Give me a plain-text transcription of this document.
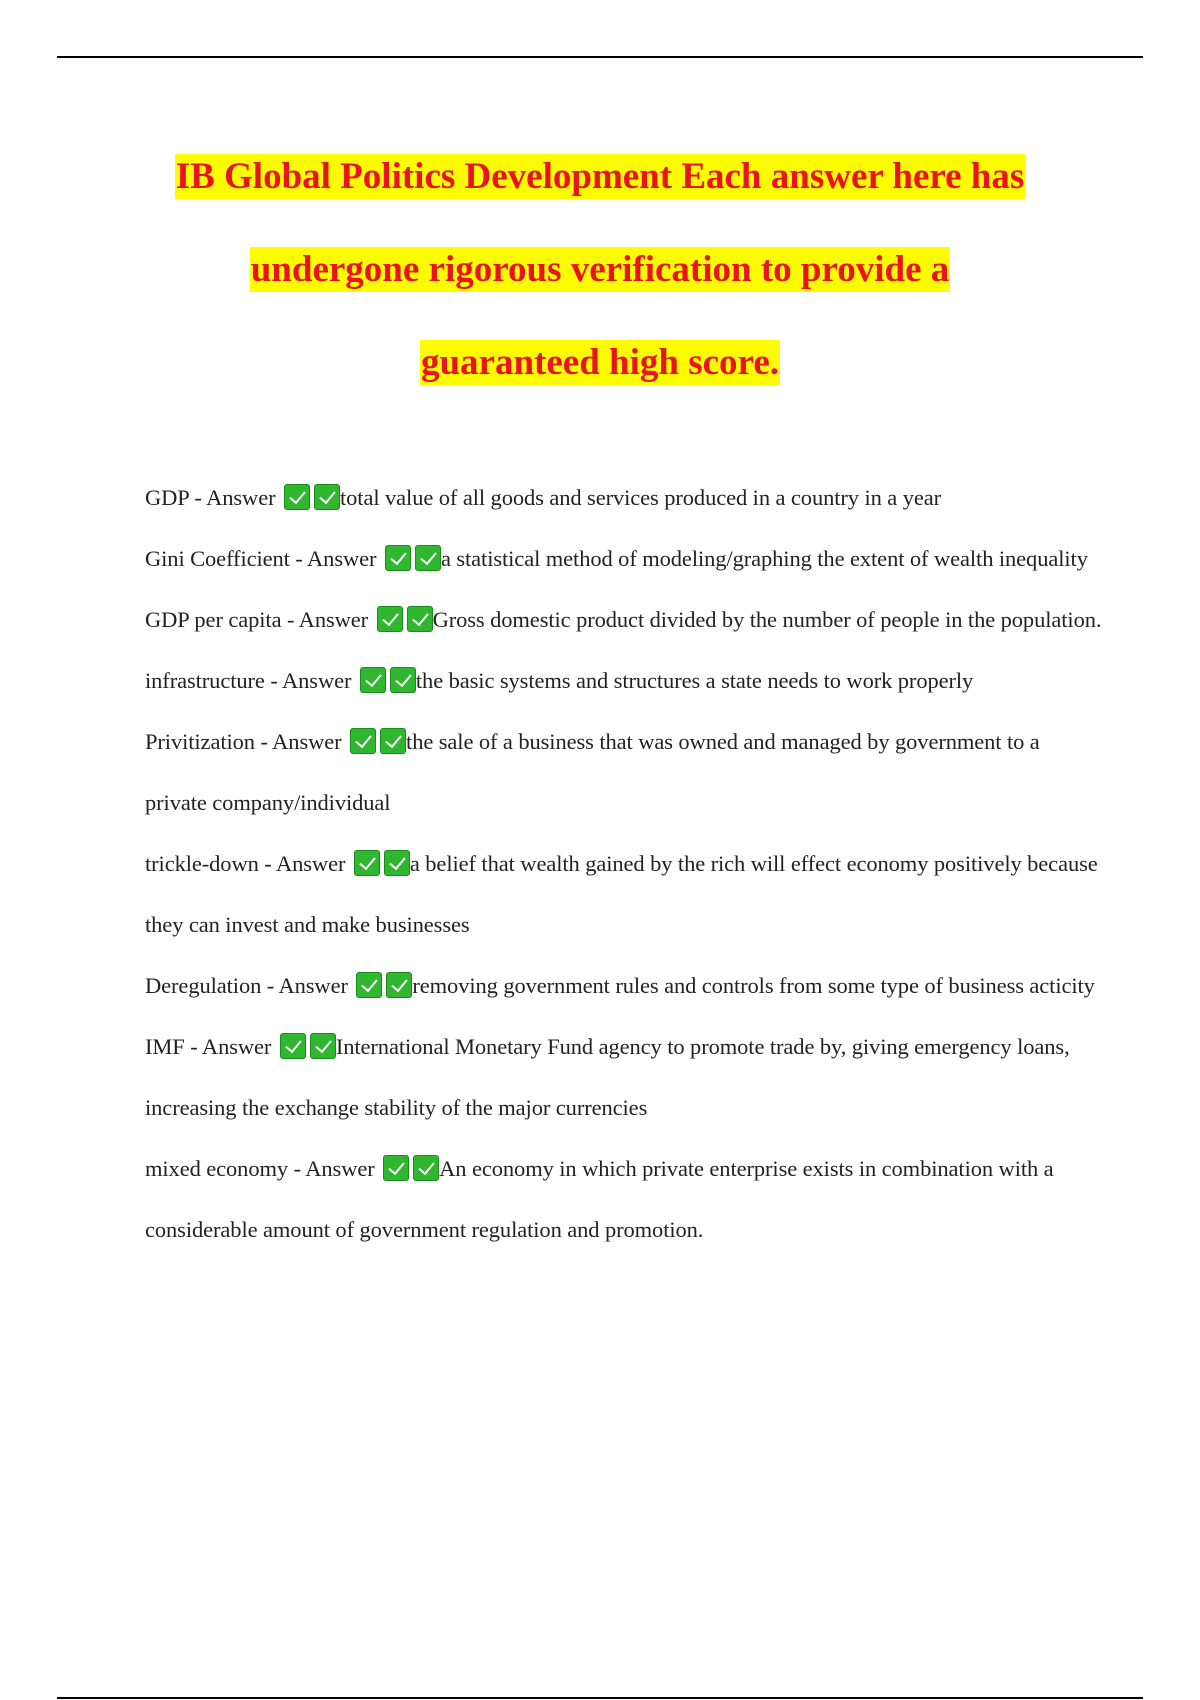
IB Global Politics Development Each answer here has
undergone rigorous verification to provide a
guaranteed high score.

GDP - Answer	total value of all goods and services produced in a country in a year

Gini Coefficient - Answer	a statistical method of modeling/graphing the extent of wealth inequality

GDP per capita - Answer	Gross domestic product divided by the number of people in the population.

infrastructure - Answer	the basic systems and structures a state needs to work properly

Privitization - Answer	the sale of a business that was owned and managed by government to a private company/individual

trickle-down - Answer	a belief that wealth gained by the rich will effect economy positively because they can invest and make businesses

Deregulation - Answer	removing government rules and controls from some type of business acticity

IMF - Answer	International Monetary Fund agency to promote trade by, giving emergency loans, increasing the exchange stability of the major currencies

mixed economy - Answer	An economy in which private enterprise exists in combination with a considerable amount of government regulation and promotion.
